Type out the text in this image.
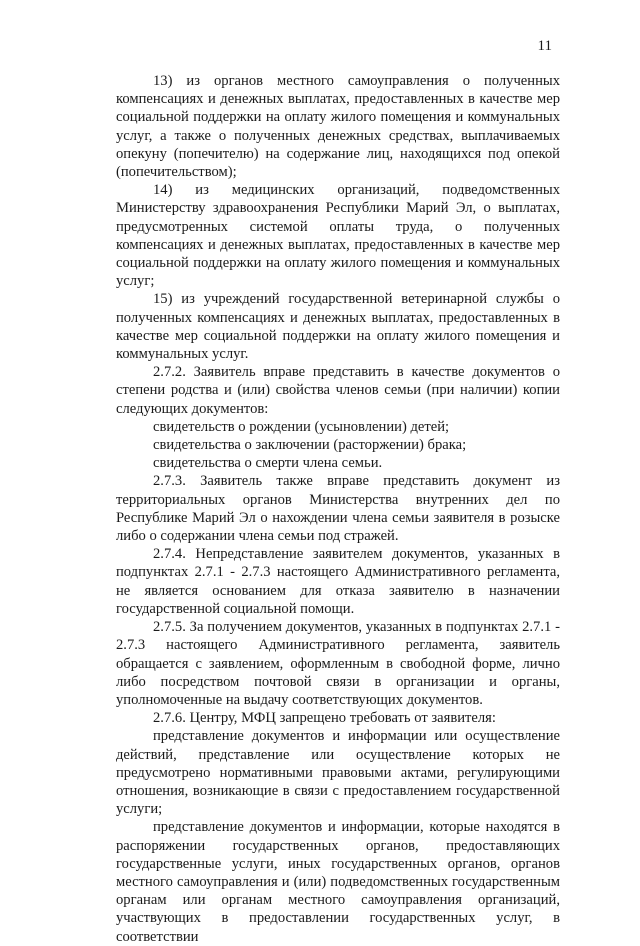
11

13) из органов местного самоуправления о полученных компенсациях и денежных выплатах, предоставленных в качестве мер социальной поддержки на оплату жилого помещения и коммунальных услуг, а также о полученных денежных средствах, выплачиваемых опекуну (попечителю) на содержание лиц, находящихся под опекой (попечительством);

14) из медицинских организаций, подведомственных Министерству здравоохранения Республики Марий Эл, о выплатах, предусмотренных системой оплаты труда, о полученных компенсациях и денежных выплатах, предоставленных в качестве мер социальной поддержки на оплату жилого помещения и коммунальных услуг;

15) из учреждений государственной ветеринарной службы о полученных компенсациях и денежных выплатах, предоставленных в качестве мер социальной поддержки на оплату жилого помещения и коммунальных услуг.

2.7.2. Заявитель вправе представить в качестве документов о степени родства и (или) свойства членов семьи (при наличии) копии следующих документов:

свидетельств о рождении (усыновлении) детей;

свидетельства о заключении (расторжении) брака;

свидетельства о смерти члена семьи.

2.7.3. Заявитель также вправе представить документ из территориальных органов Министерства внутренних дел по Республике Марий Эл о нахождении члена семьи заявителя в розыске либо о содержании члена семьи под стражей.

2.7.4. Непредставление заявителем документов, указанных в подпунктах 2.7.1 - 2.7.3 настоящего Административного регламента, не является основанием для отказа заявителю в назначении государственной социальной помощи.

2.7.5. За получением документов, указанных в подпунктах 2.7.1 - 2.7.3 настоящего Административного регламента, заявитель обращается с заявлением, оформленным в свободной форме, лично либо посредством почтовой связи в организации и органы, уполномоченные на выдачу соответствующих документов.

2.7.6. Центру, МФЦ запрещено требовать от заявителя:

представление документов и информации или осуществление действий, представление или осуществление которых не предусмотрено нормативными правовыми актами, регулирующими отношения, возникающие в связи с предоставлением государственной услуги;

представление документов и информации, которые находятся в распоряжении государственных органов, предоставляющих государственные услуги, иных государственных органов, органов местного самоуправления и (или) подведомственных государственным органам или органам местного самоуправления организаций, участвующих в предоставлении государственных услуг, в соответствии
